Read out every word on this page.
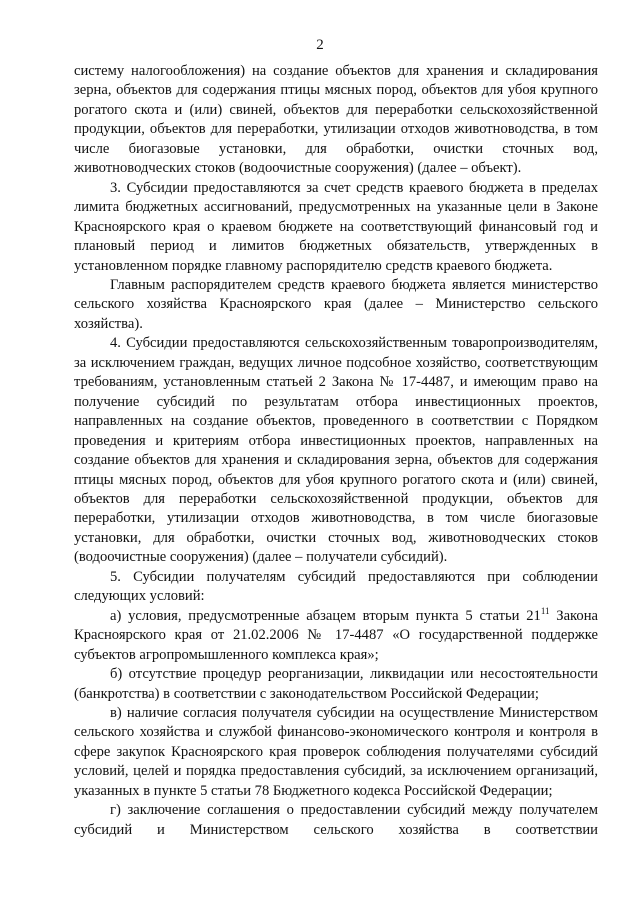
2

систему налогообложения) на создание объектов для хранения и складирования зерна, объектов для содержания птицы мясных пород, объектов для убоя крупного рогатого скота и (или) свиней, объектов для переработки сельскохозяйственной продукции, объектов для переработки, утилизации отходов животноводства, в том числе биогазовые установки, для обработки, очистки сточных вод, животноводческих стоков (водоочистные сооружения) (далее – объект).

3. Субсидии предоставляются за счет средств краевого бюджета в пределах лимита бюджетных ассигнований, предусмотренных на указанные цели в Законе Красноярского края о краевом бюджете на соответствующий финансовый год и плановый период и лимитов бюджетных обязательств, утвержденных в установленном порядке главному распорядителю средств краевого бюджета.

Главным распорядителем средств краевого бюджета является министерство сельского хозяйства Красноярского края (далее – Министерство сельского хозяйства).

4. Субсидии предоставляются сельскохозяйственным товаропроизводителям, за исключением граждан, ведущих личное подсобное хозяйство, соответствующим требованиям, установленным статьей 2 Закона № 17-4487, и имеющим право на получение субсидий по результатам отбора инвестиционных проектов, направленных на создание объектов, проведенного в соответствии с Порядком проведения и критериям отбора инвестиционных проектов, направленных на создание объектов для хранения и складирования зерна, объектов для содержания птицы мясных пород, объектов для убоя крупного рогатого скота и (или) свиней, объектов для переработки сельскохозяйственной продукции, объектов для переработки, утилизации отходов животноводства, в том числе биогазовые установки, для обработки, очистки сточных вод, животноводческих стоков (водоочистные сооружения) (далее – получатели субсидий).

5. Субсидии получателям субсидий предоставляются при соблюдении следующих условий:

а) условия, предусмотренные абзацем вторым пункта 5 статьи $21^{11}$ Закона Красноярского края от 21.02.2006 № 17-4487 «О государственной поддержке субъектов агропромышленного комплекса края»;

б) отсутствие процедур реорганизации, ликвидации или несостоятельности (банкротства) в соответствии с законодательством Российской Федерации;

в) наличие согласия получателя субсидии на осуществление Министерством сельского хозяйства и службой финансово-экономического контроля и контроля в сфере закупок Красноярского края проверок соблюдения получателями субсидий условий, целей и порядка предоставления субсидий, за исключением организаций, указанных в пункте 5 статьи 78 Бюджетного кодекса Российской Федерации;

г) заключение соглашения о предоставлении субсидий между получателем субсидий и Министерством сельского хозяйства в соответствии
